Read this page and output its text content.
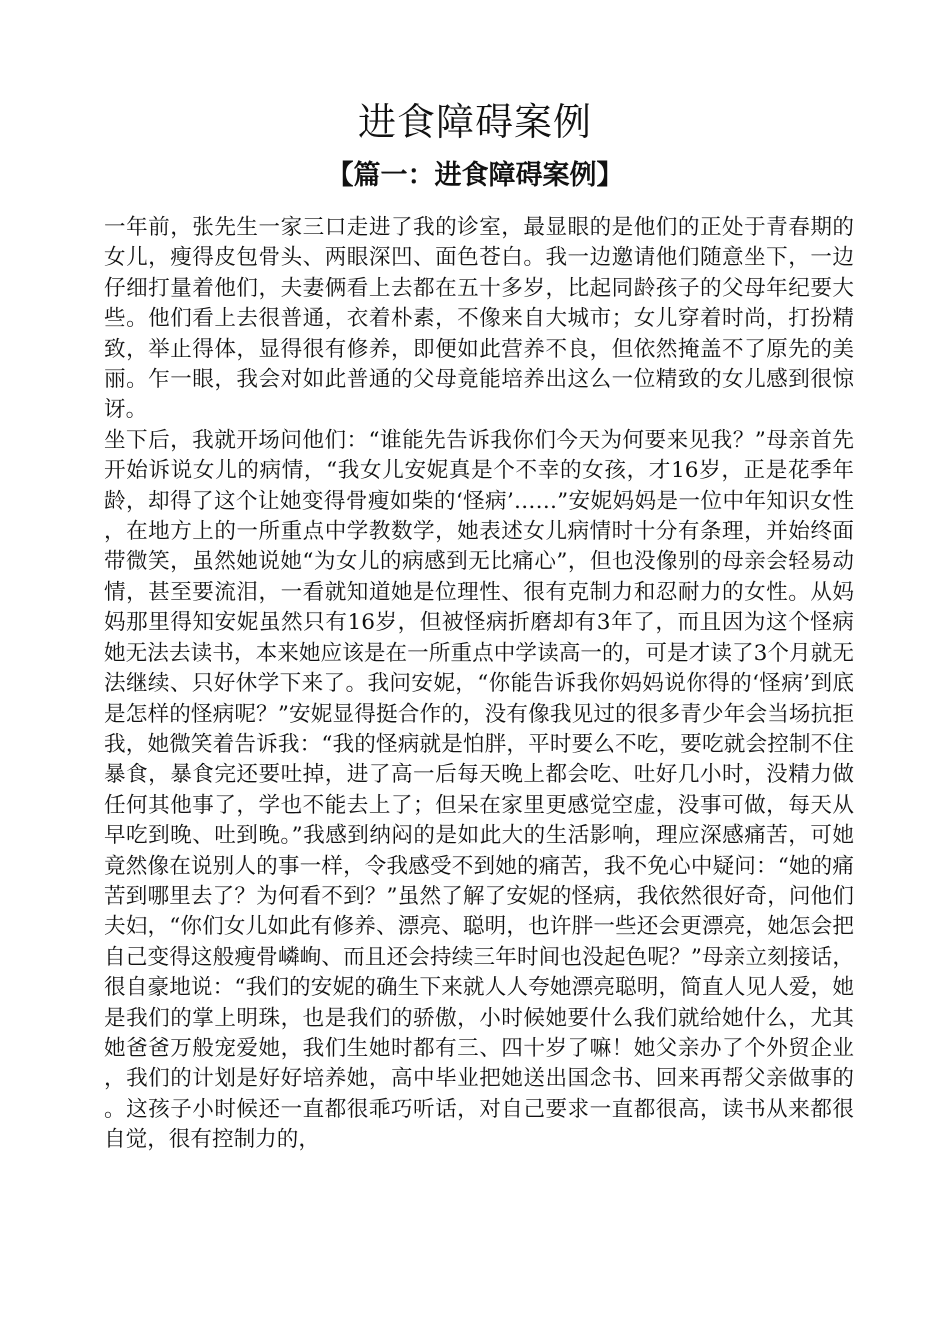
进食障碍案例
【篇一：进食障碍案例】

一年前，张先生一家三口走进了我的诊室，最显眼的是他们的正处于青春期的女儿，瘦得皮包骨头、两眼深凹、面色苍白。我一边邀请他们随意坐下，一边仔细打量着他们，夫妻俩看上去都在五十多岁，比起同龄孩子的父母年纪要大些。他们看上去很普通，衣着朴素，不像来自大城市；女儿穿着时尚，打扮精致，举止得体，显得很有修养，即便如此营养不良，但依然掩盖不了原先的美丽。乍一眼，我会对如此普通的父母竟能培养出这么一位精致的女儿感到很惊讶。

坐下后，我就开场问他们：“谁能先告诉我你们今天为何要来见我？”母亲首先开始诉说女儿的病情，“我女儿安妮真是个不幸的女孩，才16岁，正是花季年龄，却得了这个让她变得骨瘦如柴的‘怪病’……”安妮妈妈是一位中年知识女性，在地方上的一所重点中学教数学，她表述女儿病情时十分有条理，并始终面带微笑，虽然她说她“为女儿的病感到无比痛心”，但也没像别的母亲会轻易动情，甚至要流泪，一看就知道她是位理性、很有克制力和忍耐力的女性。从妈妈那里得知安妮虽然只有16岁，但被怪病折磨却有3年了，而且因为这个怪病她无法去读书，本来她应该是在一所重点中学读高一的，可是才读了3个月就无法继续、只好休学下来了。我问安妮，“你能告诉我你妈妈说你得的‘怪病’到底是怎样的怪病呢？”安妮显得挺合作的，没有像我见过的很多青少年会当场抗拒我，她微笑着告诉我：“我的怪病就是怕胖，平时要么不吃，要吃就会控制不住暴食，暴食完还要吐掉，进了高一后每天晚上都会吃、吐好几小时，没精力做任何其他事了，学也不能去上了；但呆在家里更感觉空虚，没事可做，每天从早吃到晚、吐到晚。”我感到纳闷的是如此大的生活影响，理应深感痛苦，可她竟然像在说别人的事一样，令我感受不到她的痛苦，我不免心中疑问：“她的痛苦到哪里去了？为何看不到？”虽然了解了安妮的怪病，我依然很好奇，问他们夫妇，“你们女儿如此有修养、漂亮、聪明，也许胖一些还会更漂亮，她怎会把自己变得这般瘦骨嶙峋、而且还会持续三年时间也没起色呢？”母亲立刻接话，很自豪地说：“我们的安妮的确生下来就人人夸她漂亮聪明，简直人见人爱，她是我们的掌上明珠，也是我们的骄傲，小时候她要什么我们就给她什么，尤其她爸爸万般宠爱她，我们生她时都有三、四十岁了嘛！她父亲办了个外贸企业，我们的计划是好好培养她，高中毕业把她送出国念书、回来再帮父亲做事的。这孩子小时候还一直都很乖巧听话，对自己要求一直都很高，读书从来都很自觉，很有控制力的，
